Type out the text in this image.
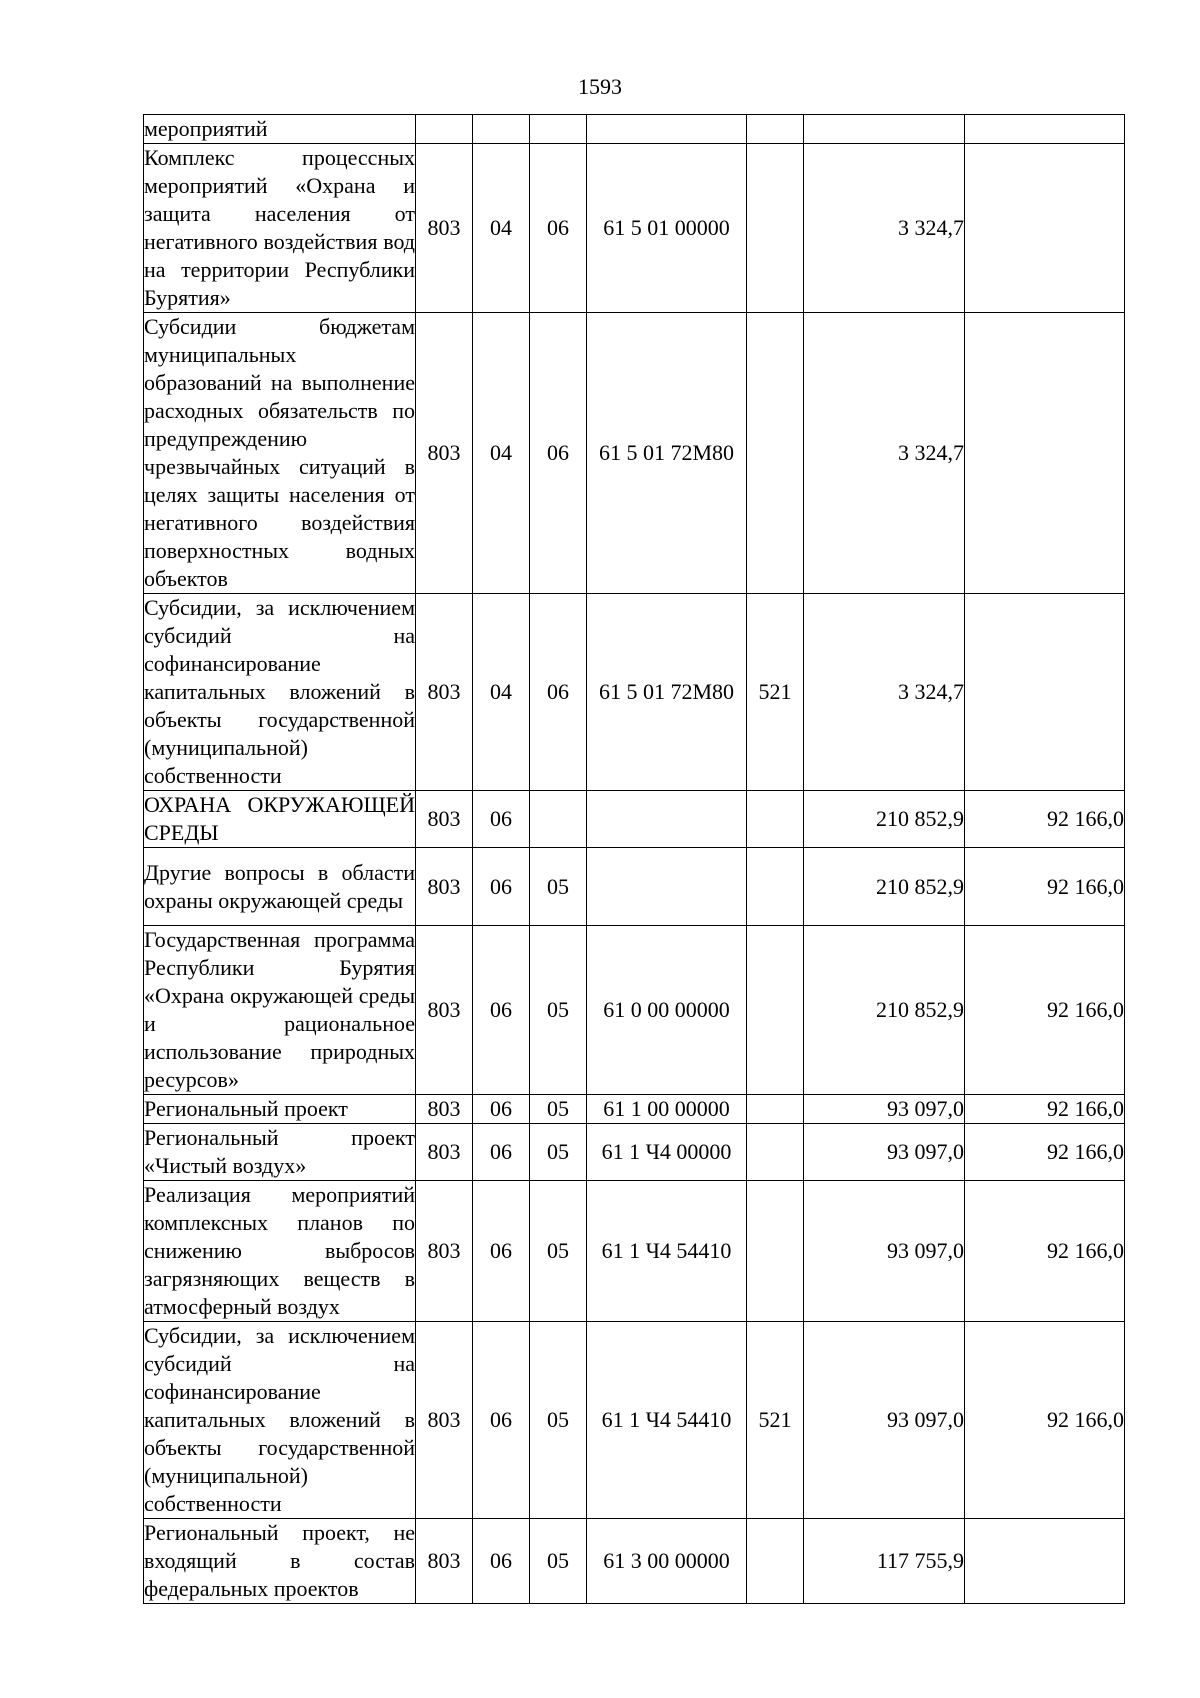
1593
мероприятий							
Комплекс процессных мероприятий «Охрана и защита населения от негативного воздействия вод на территории Республики Бурятия»	803	04	06	61 5 01 00000		3 324,7	
Субсидии бюджетам муниципальных образований на выполнение расходных обязательств по предупреждению чрезвычайных ситуаций в целях защиты населения от негативного воздействия поверхностных водных объектов	803	04	06	61 5 01 72М80		3 324,7	
Субсидии, за исключением субсидий на софинансирование капитальных вложений в объекты государственной (муниципальной) собственности	803	04	06	61 5 01 72М80	521	3 324,7	
ОХРАНА ОКРУЖАЮЩЕЙ СРЕДЫ	803	06				210 852,9	92 166,0
Другие вопросы в области охраны окружающей среды	803	06	05			210 852,9	92 166,0
Государственная программа Республики Бурятия «Охрана окружающей среды и рациональное использование природных ресурсов»	803	06	05	61 0 00 00000		210 852,9	92 166,0
Региональный проект	803	06	05	61 1 00 00000		93 097,0	92 166,0
Региональный проект «Чистый воздух»	803	06	05	61 1 Ч4 00000		93 097,0	92 166,0
Реализация мероприятий комплексных планов по снижению выбросов загрязняющих веществ в атмосферный воздух	803	06	05	61 1 Ч4 54410		93 097,0	92 166,0
Субсидии, за исключением субсидий на софинансирование капитальных вложений в объекты государственной (муниципальной) собственности	803	06	05	61 1 Ч4 54410	521	93 097,0	92 166,0
Региональный проект, не входящий в состав федеральных проектов	803	06	05	61 3 00 00000		117 755,9	
